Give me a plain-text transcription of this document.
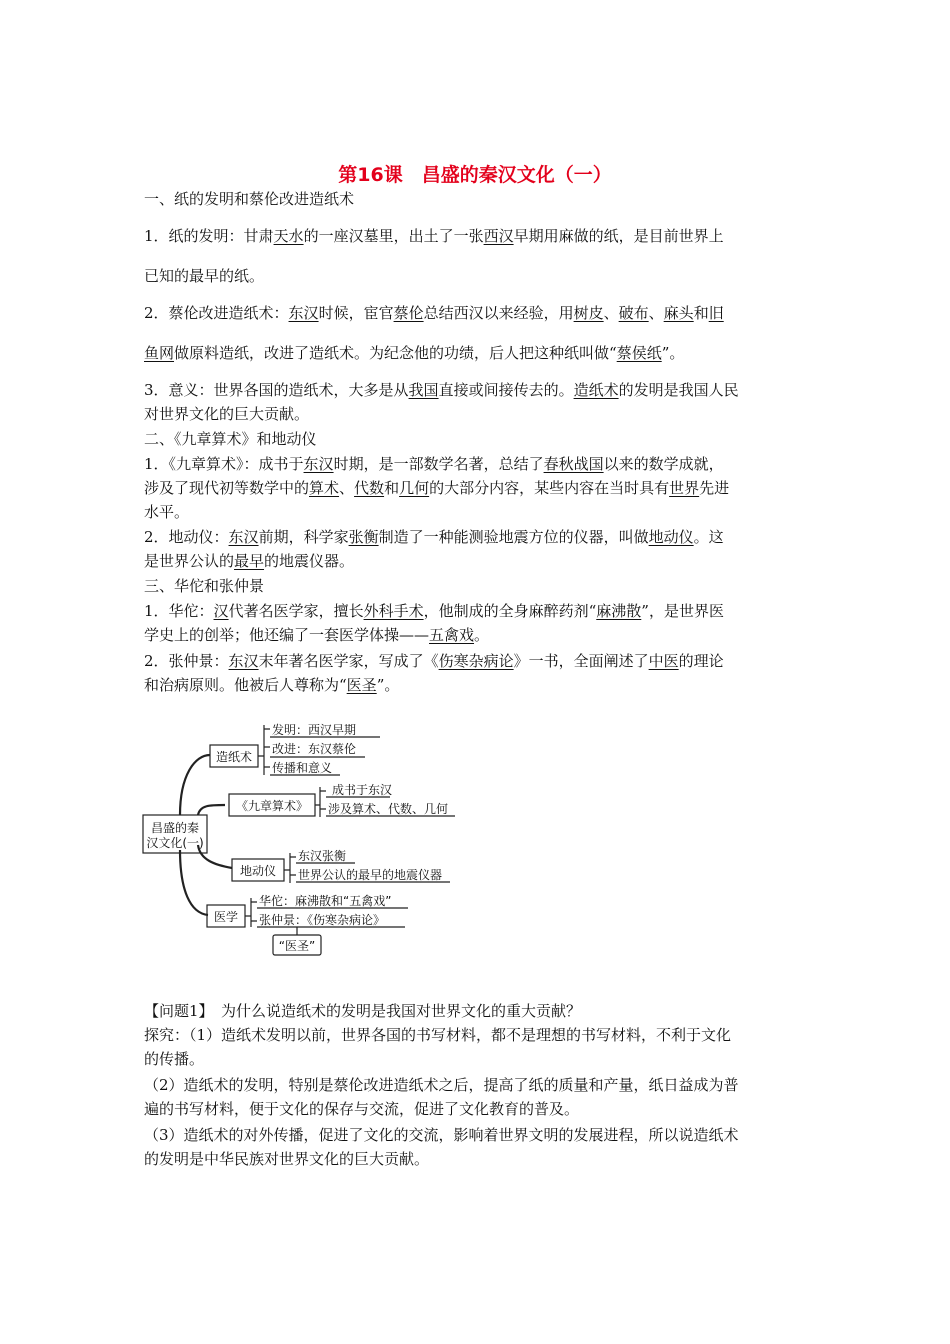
第16课　昌盛的秦汉文化（一）
一、纸的发明和蔡伦改进造纸术
1．纸的发明：甘肃天水的一座汉墓里，出土了一张西汉早期用麻做的纸，是目前世界上
已知的最早的纸。
2．蔡伦改进造纸术：东汉时候，宦官蔡伦总结西汉以来经验，用树皮、破布、麻头和旧
鱼网做原料造纸，改进了造纸术。为纪念他的功绩，后人把这种纸叫做“蔡侯纸”。
3．意义：世界各国的造纸术，大多是从我国直接或间接传去的。造纸术的发明是我国人民
对世界文化的巨大贡献。
二、《九章算术》和地动仪
1．《九章算术》：成书于东汉时期，是一部数学名著，总结了春秋战国以来的数学成就，
涉及了现代初等数学中的算术、代数和几何的大部分内容，某些内容在当时具有世界先进
水平。
2．地动仪：东汉前期，科学家张衡制造了一种能测验地震方位的仪器，叫做地动仪。这
是世界公认的最早的地震仪器。
三、华佗和张仲景
1．华佗：汉代著名医学家，擅长外科手术，他制成的全身麻醉药剂“麻沸散”，是世界医
学史上的创举；他还编了一套医学体操——五禽戏。
2．张仲景：东汉末年著名医学家，写成了《伤寒杂病论》一书，全面阐述了中医的理论
和治病原则。他被后人尊称为“医圣”。
昌盛的秦
汉文化(一)
造纸术
发明：西汉早期
改进：东汉蔡伦
传播和意义
《九章算术》
成书于东汉
涉及算术、代数、几何
地动仪
东汉张衡
世界公认的最早的地震仪器
医学
华佗：麻沸散和“五禽戏”
张仲景：《伤寒杂病论》
“医圣”
【问题1】　为什么说造纸术的发明是我国对世界文化的重大贡献？
探究：（1）造纸术发明以前，世界各国的书写材料，都不是理想的书写材料，不利于文化
的传播。
（2）造纸术的发明，特别是蔡伦改进造纸术之后，提高了纸的质量和产量，纸日益成为普
遍的书写材料，便于文化的保存与交流，促进了文化教育的普及。
（3）造纸术的对外传播，促进了文化的交流，影响着世界文明的发展进程，所以说造纸术
的发明是中华民族对世界文化的巨大贡献。
